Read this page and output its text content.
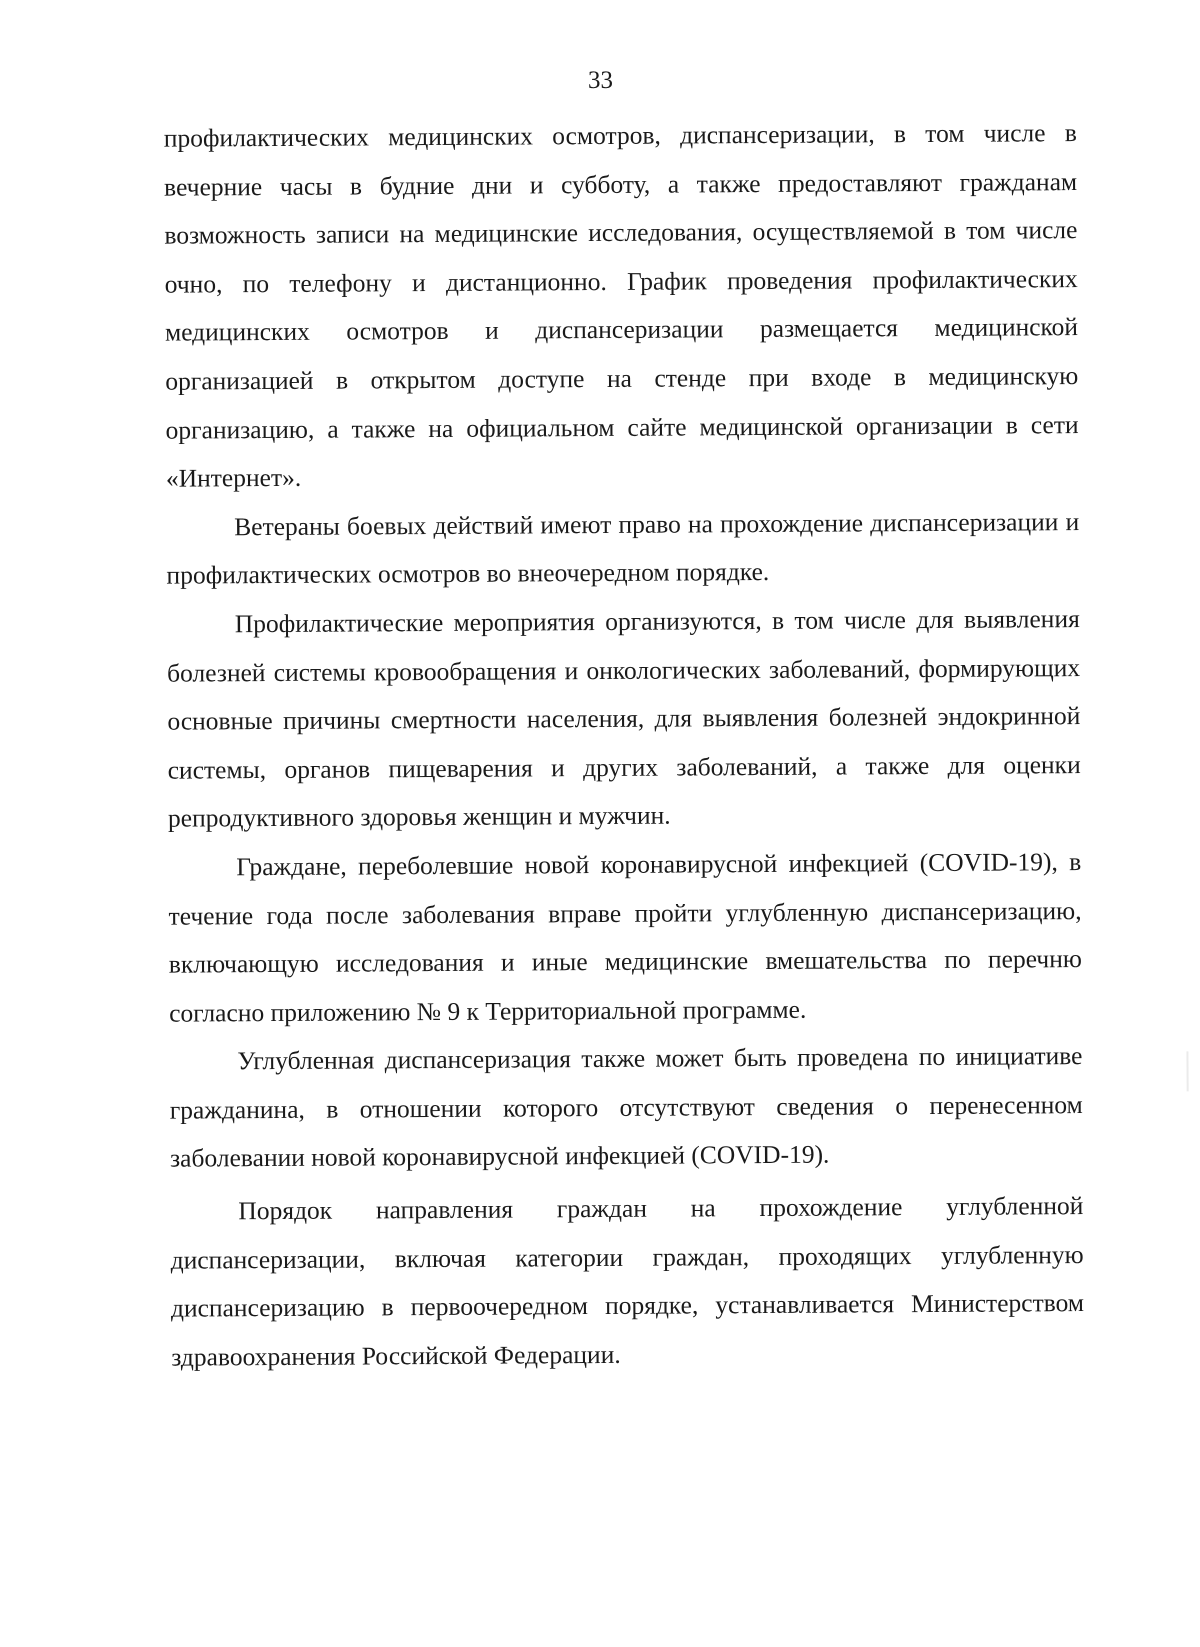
33

профилактических медицинских осмотров, диспансеризации, в том числе в вечерние часы в будние дни и субботу, а также предоставляют гражданам возможность записи на медицинские исследования, осуществляемой в том числе очно, по телефону и дистанционно. График проведения профилактических медицинских осмотров и диспансеризации размещается медицинской организацией в открытом доступе на стенде при входе в медицинскую организацию, а также на официальном сайте медицинской организации в сети «Интернет».

Ветераны боевых действий имеют право на прохождение диспансеризации и профилактических осмотров во внеочередном порядке.

Профилактические мероприятия организуются, в том числе для выявления болезней системы кровообращения и онкологических заболеваний, формирующих основные причины смертности населения, для выявления болезней эндокринной системы, органов пищеварения и других заболеваний, а также для оценки репродуктивного здоровья женщин и мужчин.

Граждане, переболевшие новой коронавирусной инфекцией (COVID-19), в течение года после заболевания вправе пройти углубленную диспансеризацию, включающую исследования и иные медицинские вмешательства по перечню согласно приложению № 9 к Территориальной программе.

Углубленная диспансеризация также может быть проведена по инициативе гражданина, в отношении которого отсутствуют сведения о перенесенном заболевании новой коронавирусной инфекцией (COVID-19).

Порядок направления граждан на прохождение углубленной диспансеризации, включая категории граждан, проходящих углубленную диспансеризацию в первоочередном порядке, устанавливается Министерством здравоохранения Российской Федерации.
